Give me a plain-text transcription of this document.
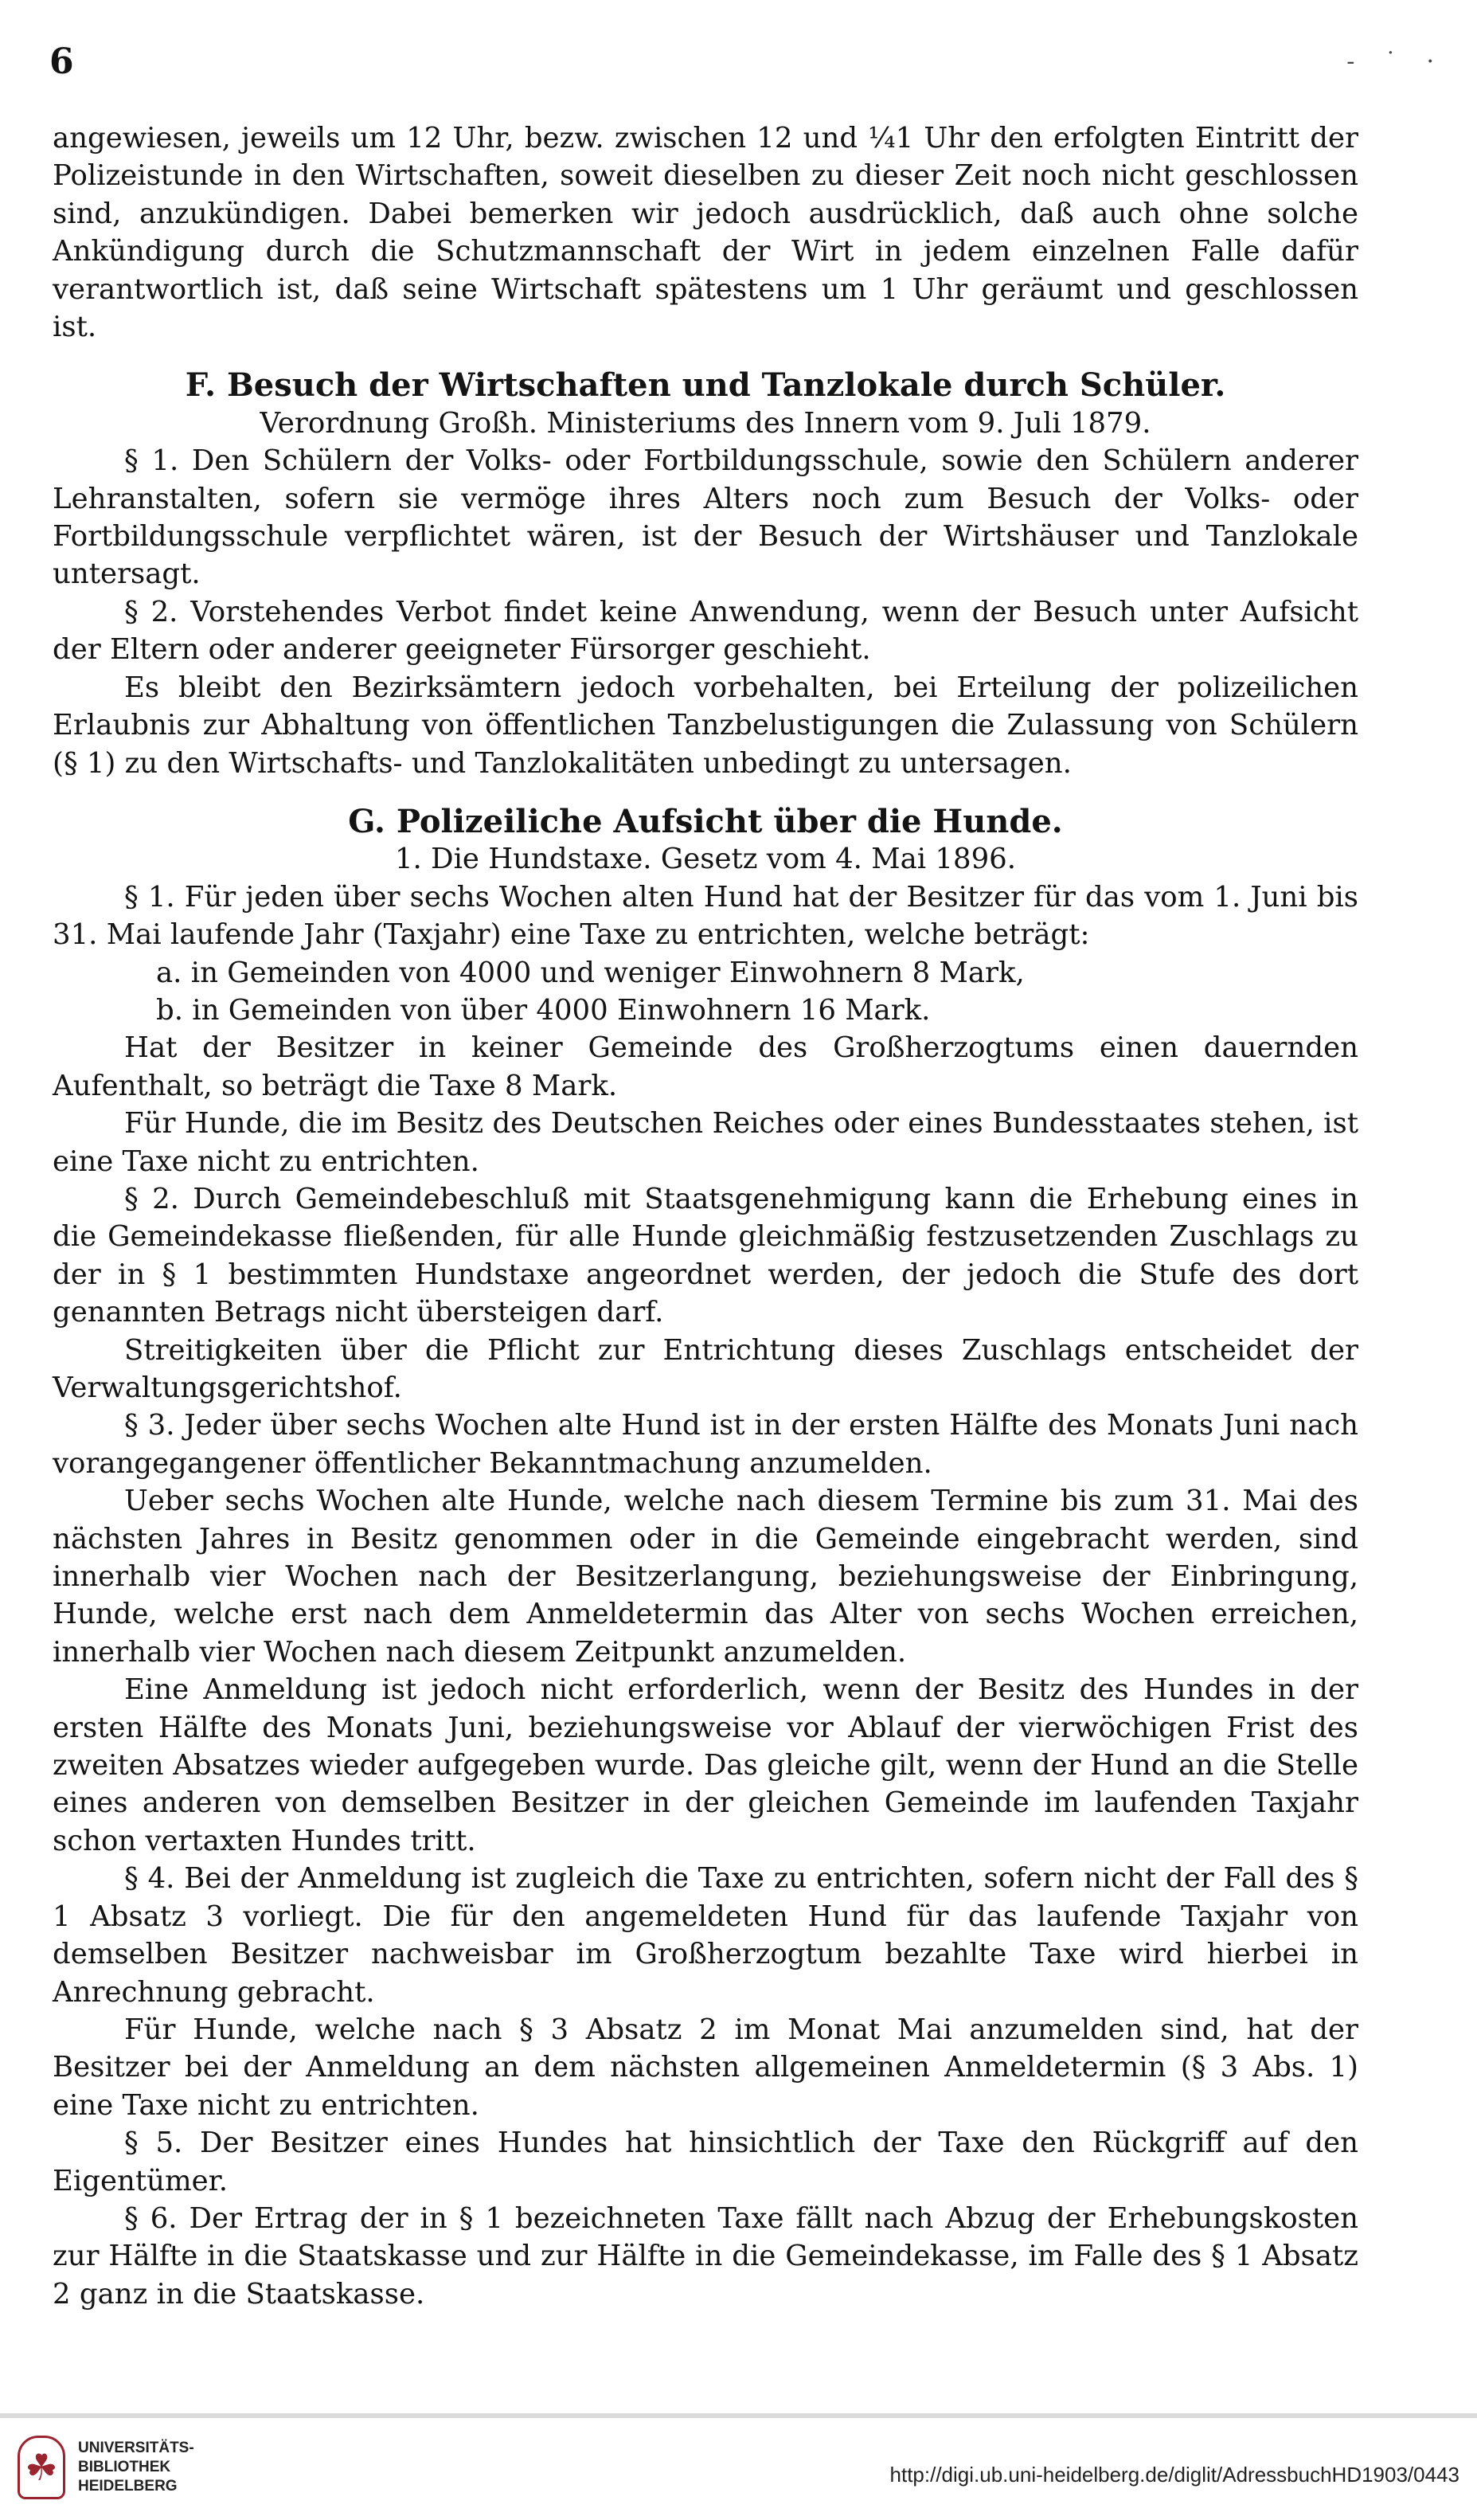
6	- ˙ ·

angewiesen, jeweils um 12 Uhr, bezw. zwischen 12 und ¼1 Uhr den erfolgten Eintritt der Polizeistunde in den Wirtschaften, soweit dieselben zu dieser Zeit noch nicht geschlossen sind, anzukündigen. Dabei bemerken wir jedoch ausdrücklich, daß auch ohne solche Ankündigung durch die Schutzmannschaft der Wirt in jedem einzelnen Falle dafür verantwortlich ist, daß seine Wirtschaft spätestens um 1 Uhr geräumt und geschlossen ist.

F. Besuch der Wirtschaften und Tanzlokale durch Schüler.

Verordnung Großh. Ministeriums des Innern vom 9. Juli 1879.

§ 1. Den Schülern der Volks- oder Fortbildungsschule, sowie den Schülern anderer Lehranstalten, sofern sie vermöge ihres Alters noch zum Besuch der Volks- oder Fortbildungsschule verpflichtet wären, ist der Besuch der Wirtshäuser und Tanzlokale untersagt.

§ 2. Vorstehendes Verbot findet keine Anwendung, wenn der Besuch unter Aufsicht der Eltern oder anderer geeigneter Fürsorger geschieht.

Es bleibt den Bezirksämtern jedoch vorbehalten, bei Erteilung der polizeilichen Erlaubnis zur Abhaltung von öffentlichen Tanzbelustigungen die Zulassung von Schülern (§ 1) zu den Wirtschafts- und Tanzlokalitäten unbedingt zu untersagen.

G. Polizeiliche Aufsicht über die Hunde.

1. Die Hundstaxe. Gesetz vom 4. Mai 1896.

§ 1. Für jeden über sechs Wochen alten Hund hat der Besitzer für das vom 1. Juni bis 31. Mai laufende Jahr (Taxjahr) eine Taxe zu entrichten, welche beträgt:

a. in Gemeinden von 4000 und weniger Einwohnern 8 Mark,

b. in Gemeinden von über 4000 Einwohnern 16 Mark.

Hat der Besitzer in keiner Gemeinde des Großherzogtums einen dauernden Aufenthalt, so beträgt die Taxe 8 Mark.

Für Hunde, die im Besitz des Deutschen Reiches oder eines Bundesstaates stehen, ist eine Taxe nicht zu entrichten.

§ 2. Durch Gemeindebeschluß mit Staatsgenehmigung kann die Erhebung eines in die Gemeindekasse fließenden, für alle Hunde gleichmäßig festzusetzenden Zuschlags zu der in § 1 bestimmten Hundstaxe angeordnet werden, der jedoch die Stufe des dort genannten Betrags nicht übersteigen darf.

Streitigkeiten über die Pflicht zur Entrichtung dieses Zuschlags entscheidet der Verwaltungsgerichtshof.

§ 3. Jeder über sechs Wochen alte Hund ist in der ersten Hälfte des Monats Juni nach vorangegangener öffentlicher Bekanntmachung anzumelden.

Ueber sechs Wochen alte Hunde, welche nach diesem Termine bis zum 31. Mai des nächsten Jahres in Besitz genommen oder in die Gemeinde eingebracht werden, sind innerhalb vier Wochen nach der Besitzerlangung, beziehungsweise der Einbringung, Hunde, welche erst nach dem Anmeldetermin das Alter von sechs Wochen erreichen, innerhalb vier Wochen nach diesem Zeitpunkt anzumelden.

Eine Anmeldung ist jedoch nicht erforderlich, wenn der Besitz des Hundes in der ersten Hälfte des Monats Juni, beziehungsweise vor Ablauf der vierwöchigen Frist des zweiten Absatzes wieder aufgegeben wurde. Das gleiche gilt, wenn der Hund an die Stelle eines anderen von demselben Besitzer in der gleichen Gemeinde im laufenden Taxjahr schon vertaxten Hundes tritt.

§ 4. Bei der Anmeldung ist zugleich die Taxe zu entrichten, sofern nicht der Fall des § 1 Absatz 3 vorliegt. Die für den angemeldeten Hund für das laufende Taxjahr von demselben Besitzer nachweisbar im Großherzogtum bezahlte Taxe wird hierbei in Anrechnung gebracht.

Für Hunde, welche nach § 3 Absatz 2 im Monat Mai anzumelden sind, hat der Besitzer bei der Anmeldung an dem nächsten allgemeinen Anmeldetermin (§ 3 Abs. 1) eine Taxe nicht zu entrichten.

§ 5. Der Besitzer eines Hundes hat hinsichtlich der Taxe den Rückgriff auf den Eigentümer.

§ 6. Der Ertrag der in § 1 bezeichneten Taxe fällt nach Abzug der Erhebungskosten zur Hälfte in die Staatskasse und zur Hälfte in die Gemeindekasse, im Falle des § 1 Absatz 2 ganz in die Staatskasse.

☘	UNIVERSITÄTS-
BIBLIOTHEK
HEIDELBERG	http://digi.ub.uni-heidelberg.de/diglit/AdressbuchHD1903/0443
